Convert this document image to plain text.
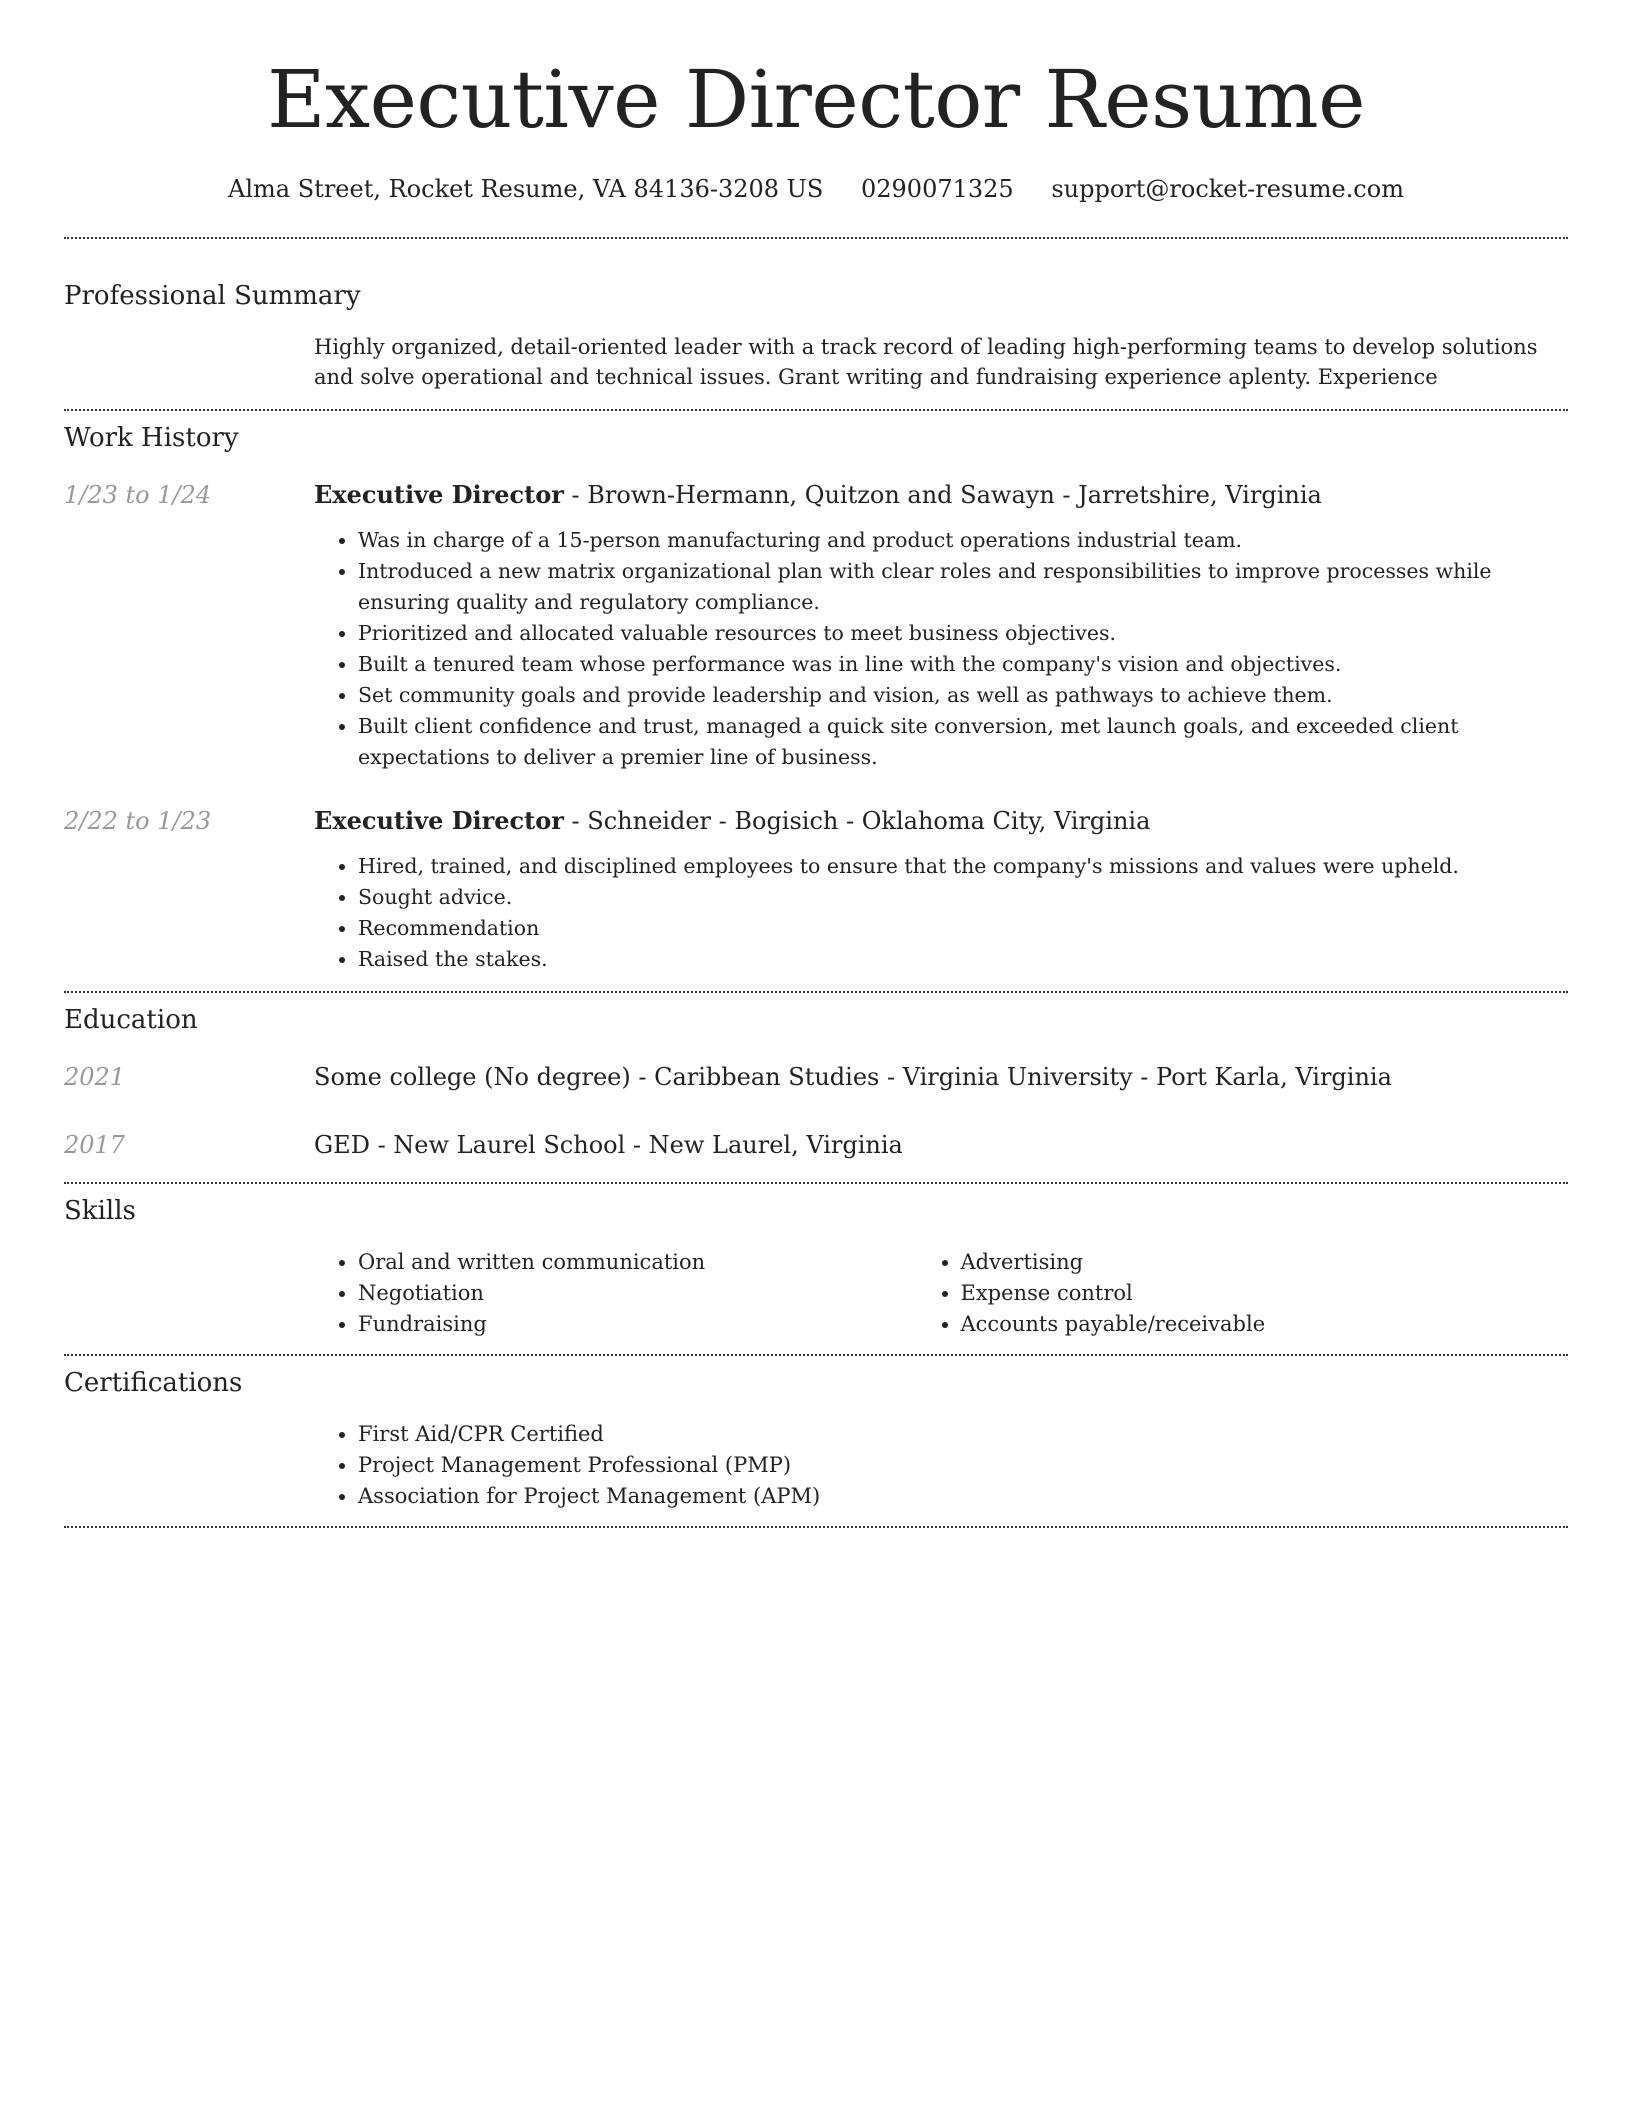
Executive Director Resume
Alma Street, Rocket Resume, VA 84136-3208 US 0290071325 support@rocket-resume.com
Professional Summary
Highly organized, detail-oriented leader with a track record of leading high-performing teams to develop solutions and solve operational and technical issues. Grant writing and fundraising experience aplenty. Experience
Work History
1/23 to 1/24	Executive Director - Brown-Hermann, Quitzon and Sawayn - Jarretshire, Virginia
• Was in charge of a 15-person manufacturing and product operations industrial team.
• Introduced a new matrix organizational plan with clear roles and responsibilities to improve processes while ensuring quality and regulatory compliance.
• Prioritized and allocated valuable resources to meet business objectives.
• Built a tenured team whose performance was in line with the company's vision and objectives.
• Set community goals and provide leadership and vision, as well as pathways to achieve them.
• Built client confidence and trust, managed a quick site conversion, met launch goals, and exceeded client expectations to deliver a premier line of business.
2/22 to 1/23	Executive Director - Schneider - Bogisich - Oklahoma City, Virginia
• Hired, trained, and disciplined employees to ensure that the company's missions and values were upheld.
• Sought advice.
• Recommendation
• Raised the stakes.
Education
2021	Some college (No degree) - Caribbean Studies - Virginia University - Port Karla, Virginia
2017	GED - New Laurel School - New Laurel, Virginia
Skills
• Oral and written communication
• Negotiation
• Fundraising
• Advertising
• Expense control
• Accounts payable/receivable
Certifications
• First Aid/CPR Certified
• Project Management Professional (PMP)
• Association for Project Management (APM)
